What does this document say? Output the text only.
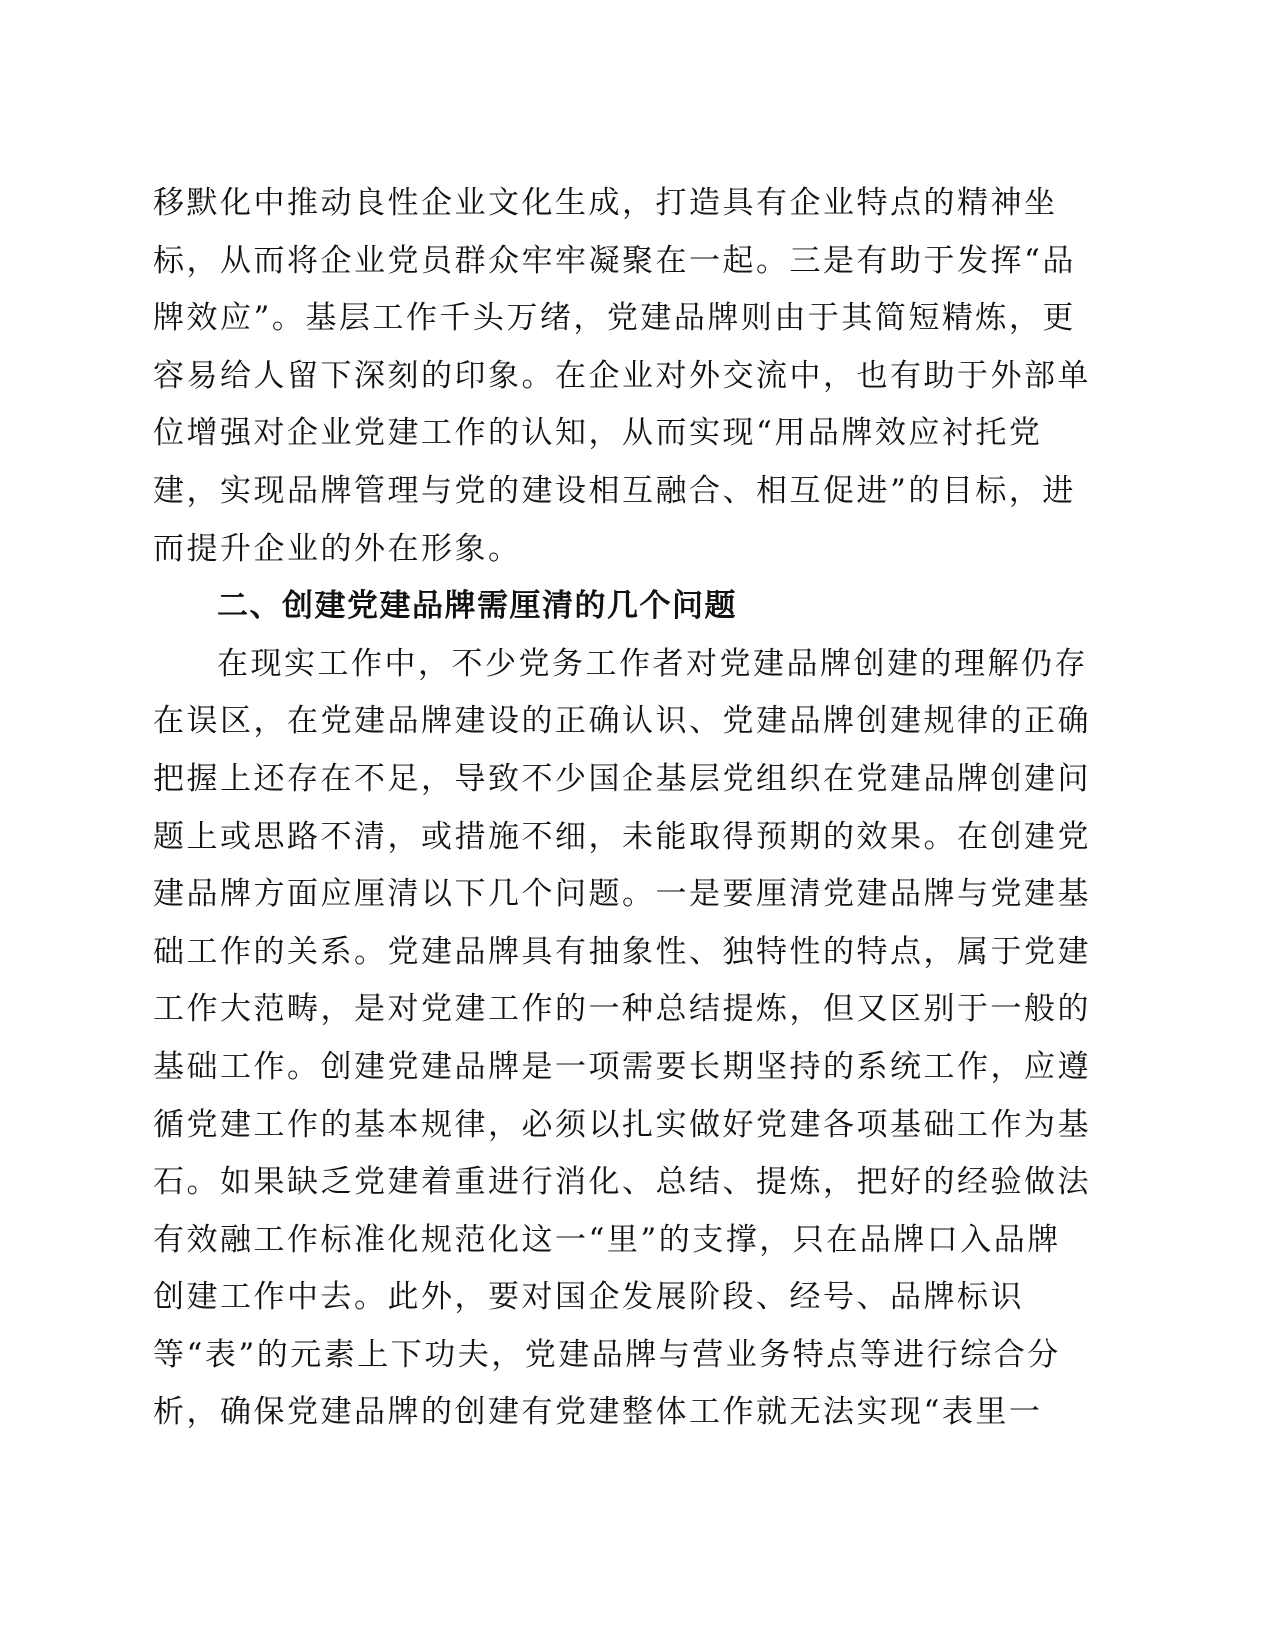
移默化中推动良性企业文化生成，打造具有企业特点的精神坐
标，从而将企业党员群众牢牢凝聚在一起。三是有助于发挥“品
牌效应”。基层工作千头万绪，党建品牌则由于其简短精炼，更
容易给人留下深刻的印象。在企业对外交流中，也有助于外部单
位增强对企业党建工作的认知，从而实现“用品牌效应衬托党
建，实现品牌管理与党的建设相互融合、相互促进”的目标，进
而提升企业的外在形象。
二、创建党建品牌需厘清的几个问题
在现实工作中，不少党务工作者对党建品牌创建的理解仍存
在误区，在党建品牌建设的正确认识、党建品牌创建规律的正确
把握上还存在不足，导致不少国企基层党组织在党建品牌创建问
题上或思路不清，或措施不细，未能取得预期的效果。在创建党
建品牌方面应厘清以下几个问题。一是要厘清党建品牌与党建基
础工作的关系。党建品牌具有抽象性、独特性的特点，属于党建
工作大范畴，是对党建工作的一种总结提炼，但又区别于一般的
基础工作。创建党建品牌是一项需要长期坚持的系统工作，应遵
循党建工作的基本规律，必须以扎实做好党建各项基础工作为基
石。如果缺乏党建着重进行消化、总结、提炼，把好的经验做法
有效融工作标准化规范化这一“里”的支撑，只在品牌口入品牌
创建工作中去。此外，要对国企发展阶段、经号、品牌标识
等“表”的元素上下功夫，党建品牌与营业务特点等进行综合分
析，确保党建品牌的创建有党建整体工作就无法实现“表里一
